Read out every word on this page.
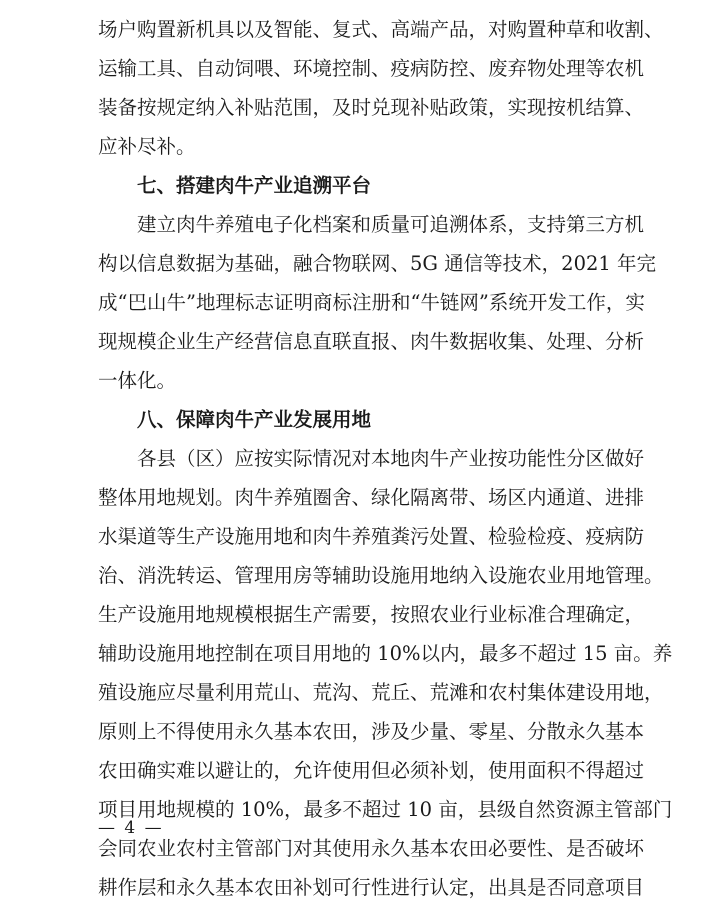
场户购置新机具以及智能、复式、高端产品，对购置种草和收割、
运输工具、自动饲喂、环境控制、疫病防控、废弃物处理等农机
装备按规定纳入补贴范围，及时兑现补贴政策，实现按机结算、
应补尽补。
七、搭建肉牛产业追溯平台
建立肉牛养殖电子化档案和质量可追溯体系，支持第三方机
构以信息数据为基础，融合物联网、5G 通信等技术，2021 年完
成“巴山牛”地理标志证明商标注册和“牛链网”系统开发工作，实
现规模企业生产经营信息直联直报、肉牛数据收集、处理、分析
一体化。
八、保障肉牛产业发展用地
各县（区）应按实际情况对本地肉牛产业按功能性分区做好
整体用地规划。肉牛养殖圈舍、绿化隔离带、场区内通道、进排
水渠道等生产设施用地和肉牛养殖粪污处置、检验检疫、疫病防
治、消洗转运、管理用房等辅助设施用地纳入设施农业用地管理。
生产设施用地规模根据生产需要，按照农业行业标准合理确定，
辅助设施用地控制在项目用地的 10%以内，最多不超过 15 亩。养
殖设施应尽量利用荒山、荒沟、荒丘、荒滩和农村集体建设用地，
原则上不得使用永久基本农田，涉及少量、零星、分散永久基本
农田确实难以避让的，允许使用但必须补划，使用面积不得超过
项目用地规模的 10%，最多不超过 10 亩，县级自然资源主管部门
会同农业农村主管部门对其使用永久基本农田必要性、是否破坏
耕作层和永久基本农田补划可行性进行认定，出具是否同意项目
— 4 —
